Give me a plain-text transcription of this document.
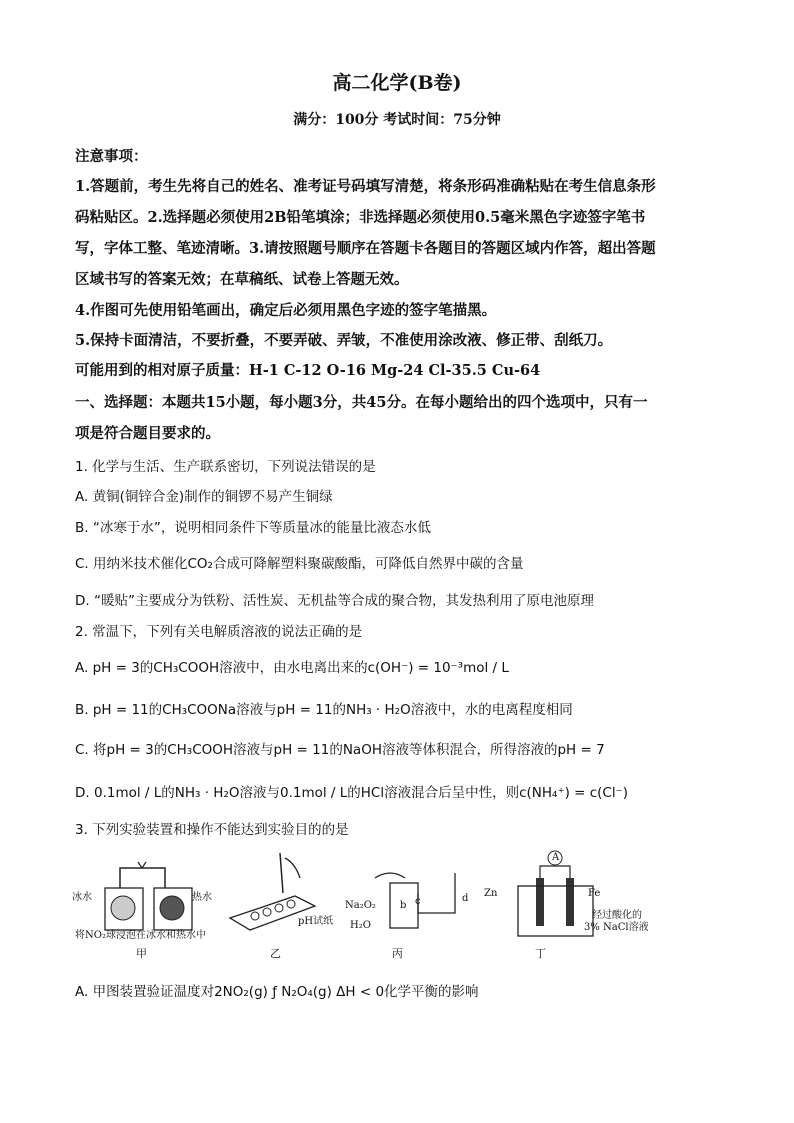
高二化学(B卷)
满分：100分 考试时间：75分钟
注意事项：
1.答题前，考生先将自己的姓名、准考证号码填写清楚，将条形码准确粘贴在考生信息条形
码粘贴区。2.选择题必须使用2B铅笔填涂；非选择题必须使用0.5毫米黑色字迹签字笔书
写，字体工整、笔迹清晰。3.请按照题号顺序在答题卡各题目的答题区域内作答，超出答题
区域书写的答案无效；在草稿纸、试卷上答题无效。
4.作图可先使用铅笔画出，确定后必须用黑色字迹的签字笔描黑。
5.保持卡面清洁，不要折叠，不要弄破、弄皱，不准使用涂改液、修正带、刮纸刀。
可能用到的相对原子质量：H-1 C-12 O-16 Mg-24 Cl-35.5 Cu-64
一、选择题：本题共15小题，每小题3分，共45分。在每小题给出的四个选项中，只有一
项是符合题目要求的。
1. 化学与生活、生产联系密切，下列说法错误的是
A. 黄铜(铜锌合金)制作的铜锣不易产生铜绿
B. “冰寒于水”，说明相同条件下等质量冰的能量比液态水低
C. 用纳米技术催化CO₂合成可降解塑料聚碳酸酯，可降低自然界中碳的含量
D. “暖贴”主要成分为铁粉、活性炭、无机盐等合成的聚合物，其发热利用了原电池原理
2. 常温下，下列有关电解质溶液的说法正确的是
A. pH = 3的CH₃COOH溶液中，由水电离出来的c(OH⁻) = 10⁻³mol / L
B. pH = 11的CH₃COONa溶液与pH = 11的NH₃ · H₂O溶液中，水的电离程度相同
C. 将pH = 3的CH₃COOH溶液与pH = 11的NaOH溶液等体积混合，所得溶液的pH = 7
D. 0.1mol / L的NH₃ · H₂O溶液与0.1mol / L的HCl溶液混合后呈中性，则c(NH₄⁺) = c(Cl⁻)
3. 下列实验装置和操作不能达到实验目的的是
冰水	热水
将NO₂球浸泡在冰水和热水中
甲
pH试纸
乙
Na₂O₂
H₂O
b c	d
丙
A
Zn	Fe
经过酸化的
3% NaCl溶液
丁
A. 甲图装置验证温度对2NO₂(g) ƒ N₂O₄(g) ΔH < 0化学平衡的影响
